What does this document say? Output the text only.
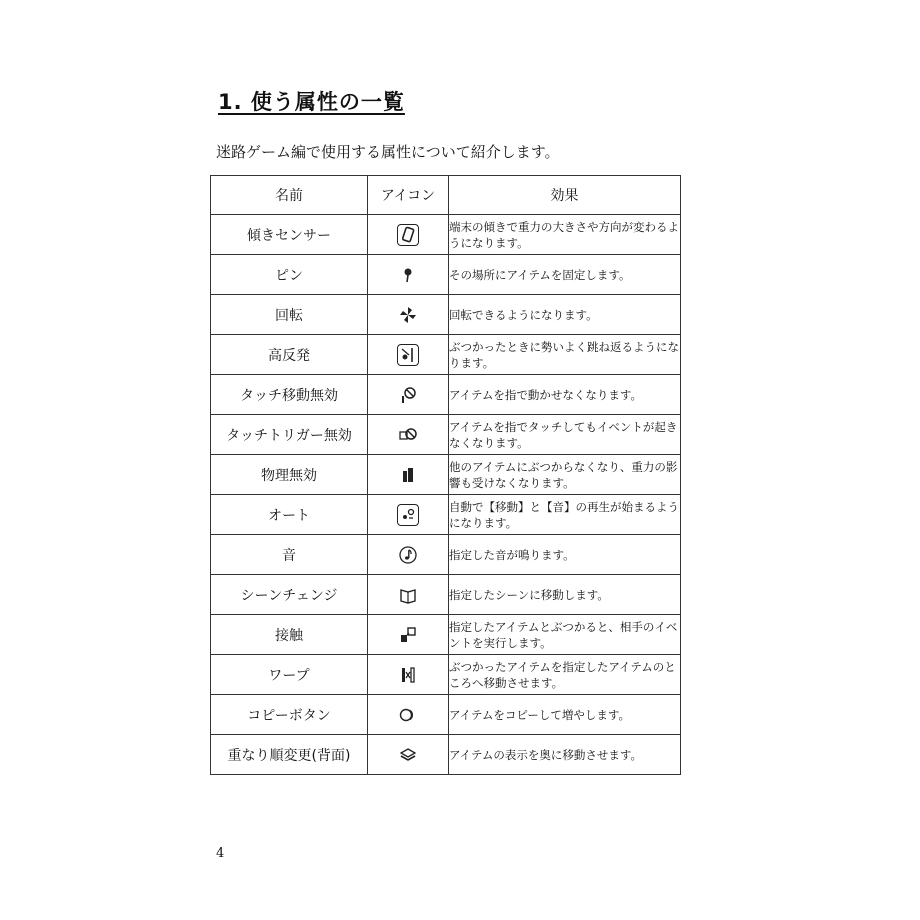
1. 使う属性の一覧
迷路ゲーム編で使用する属性について紹介します。
名前	アイコン	効果
傾きセンサー		端末の傾きで重力の大きさや方向が変わるようになります。
ピン		その場所にアイテムを固定します。
回転		回転できるようになります。
高反発		ぶつかったときに勢いよく跳ね返るようになります。
タッチ移動無効		アイテムを指で動かせなくなります。
タッチトリガー無効		アイテムを指でタッチしてもイベントが起きなくなります。
物理無効		他のアイテムにぶつからなくなり、重力の影響も受けなくなります。
オート		自動で【移動】と【音】の再生が始まるようになります。
音		指定した音が鳴ります。
シーンチェンジ		指定したシーンに移動します。
接触		指定したアイテムとぶつかると、相手のイベントを実行します。
ワープ		ぶつかったアイテムを指定したアイテムのところへ移動させます。
コピーボタン		アイテムをコピーして増やします。
重なり順変更(背面)		アイテムの表示を奥に移動させます。
4
